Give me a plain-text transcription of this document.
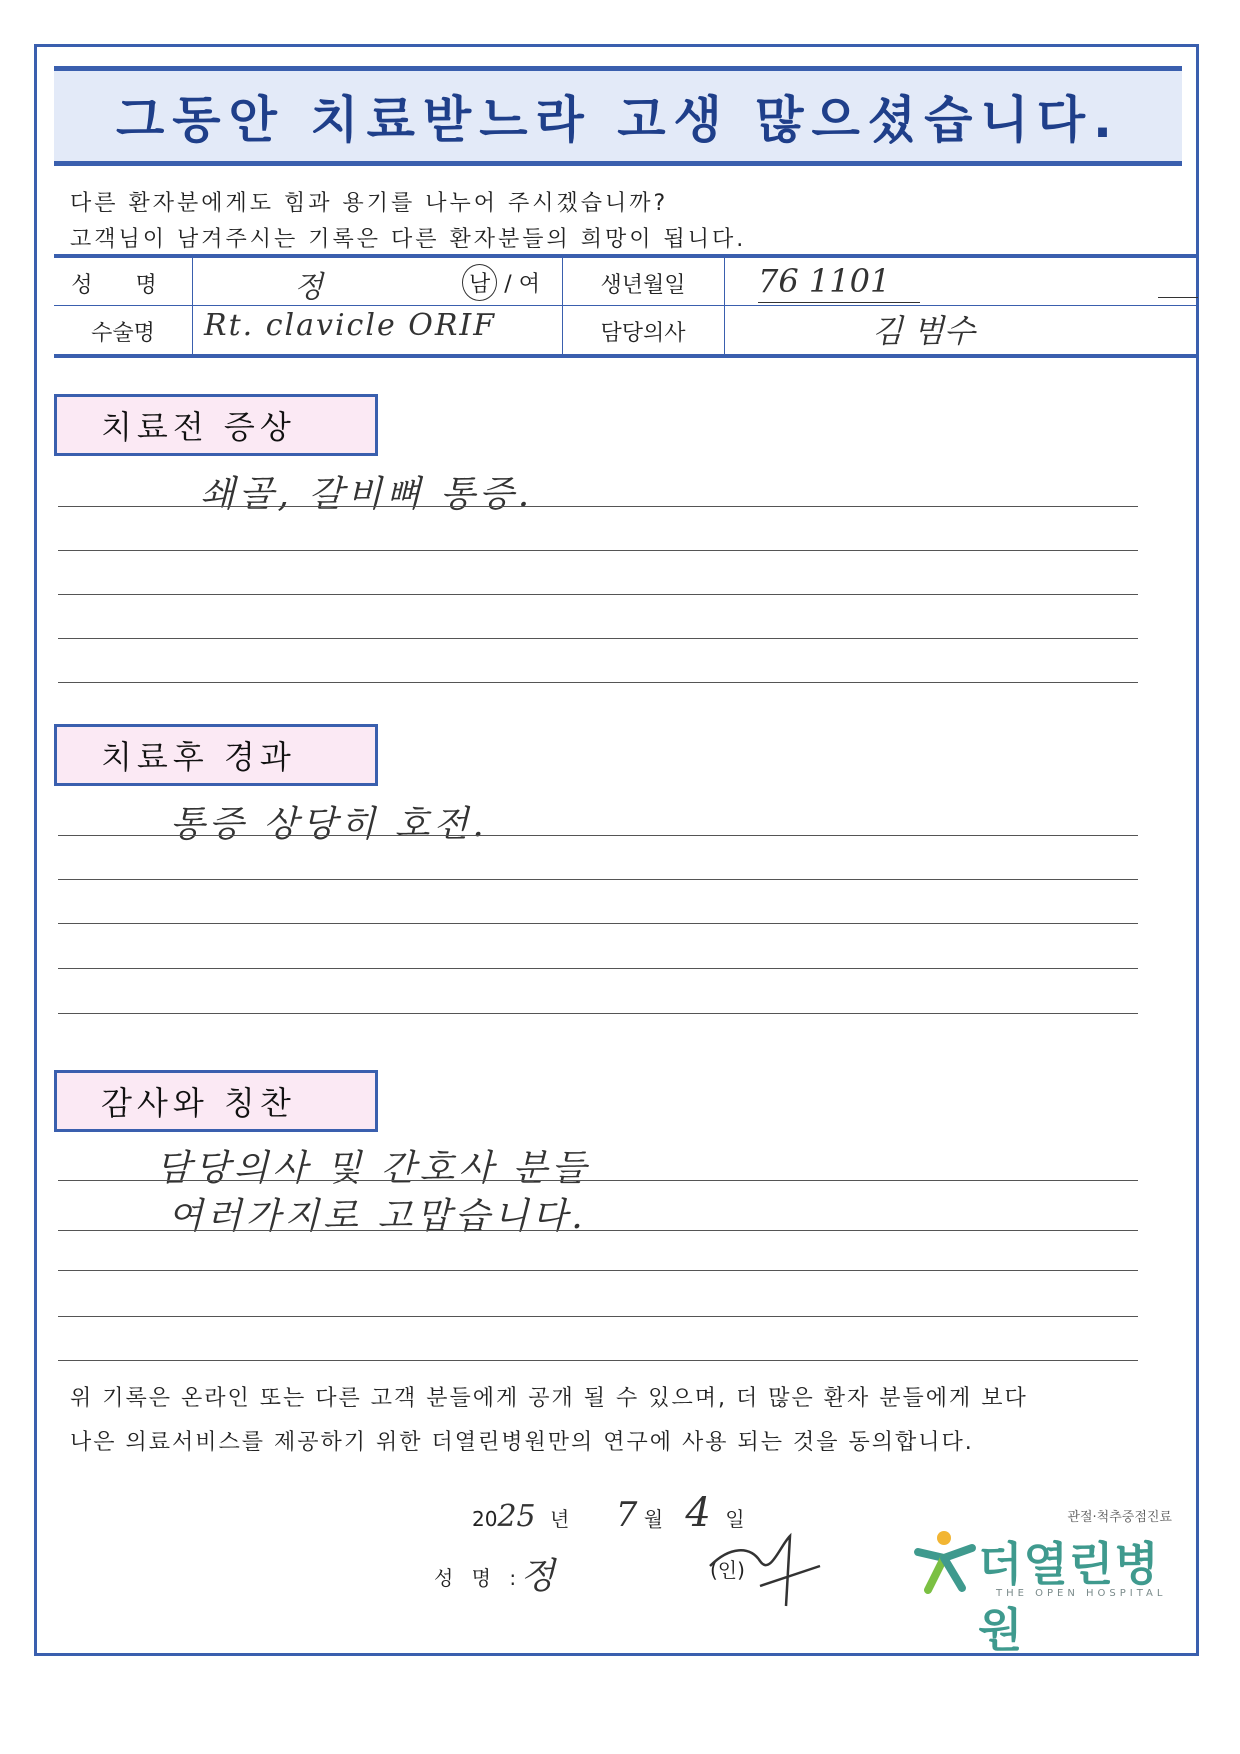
그동안 치료받느라 고생 많으셨습니다.
다른 환자분에게도 힘과 용기를 나누어 주시겠습니까?
고객님이 남겨주시는 기록은 다른 환자분들의 희망이 됩니다.
성 명	정	남 / 여	생년월일	76 1101
수술명	Rt. clavicle ORIF	담당의사	김 범수
치료전 증상
쇄골, 갈비뼈 통증.
치료후 경과
통증 상당히 호전.
감사와 칭찬
담당의사 및 간호사 분들
여러가지로 고맙습니다.
위 기록은 온라인 또는 다른 고객 분들에게 공개 될 수 있으며, 더 많은 환자 분들에게 보다
나은 의료서비스를 제공하기 위한 더열린병원만의 연구에 사용 되는 것을 동의합니다.
2025 년 7 월 4 일
성 명 :
정	(인)
관절·척추중점진료
더열린병원
THE OPEN HOSPITAL
